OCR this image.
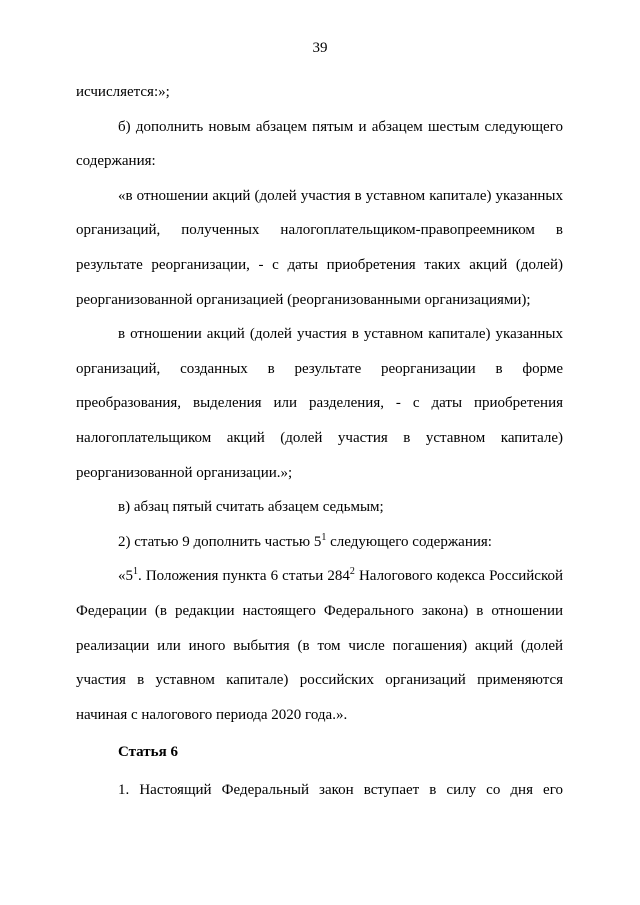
39

исчисляется:»;

б) дополнить новым абзацем пятым и абзацем шестым следующего содержания:

«в отношении акций (долей участия в уставном капитале) указанных организаций, полученных налогоплательщиком-правопреемником в результате реорганизации, - с даты приобретения таких акций (долей) реорганизованной организацией (реорганизованными организациями);

в отношении акций (долей участия в уставном капитале) указанных организаций, созданных в результате реорганизации в форме преобразования, выделения или разделения, - с даты приобретения налогоплательщиком акций (долей участия в уставном капитале) реорганизованной организации.»;

в) абзац пятый считать абзацем седьмым;

2) статью 9 дополнить частью $5^1$ следующего содержания:

«$5^1$. Положения пункта 6 статьи $284^2$ Налогового кодекса Российской Федерации (в редакции настоящего Федерального закона) в отношении реализации или иного выбытия (в том числе погашения) акций (долей участия в уставном капитале) российских организаций применяются начиная с налогового периода 2020 года.».

Статья 6

1. Настоящий Федеральный закон вступает в силу со дня его
